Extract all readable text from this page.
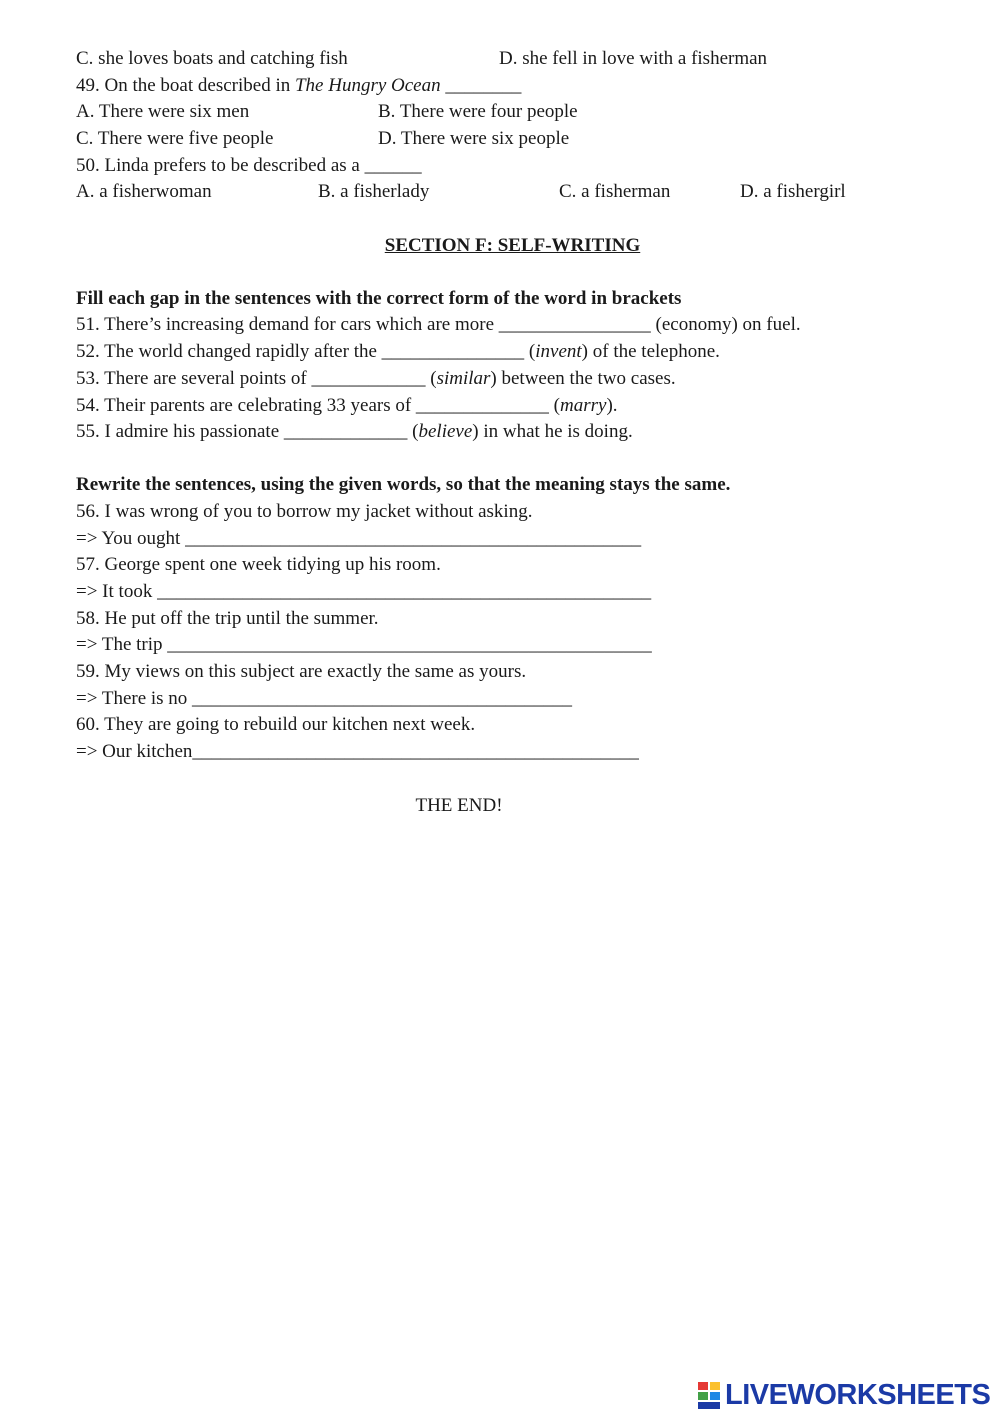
C. she loves boats and catching fish	D. she fell in love with a fisherman
49. On the boat described in The Hungry Ocean ________
A. There were six men	B. There were four people
C. There were five people	D. There were six people
50. Linda prefers to be described as a ______
A. a fisherwoman	B. a fisherlady	C. a fisherman	D. a fishergirl
SECTION F: SELF-WRITING
Fill each gap in the sentences with the correct form of the word in brackets
51. There’s increasing demand for cars which are more ________________ (economy) on fuel.
52. The world changed rapidly after the _______________ (invent) of the telephone.
53. There are several points of ____________ (similar) between the two cases.
54. Their parents are celebrating 33 years of ______________ (marry).
55. I admire his passionate _____________ (believe) in what he is doing.
Rewrite the sentences, using the given words, so that the meaning stays the same.
56. I was wrong of you to borrow my jacket without asking.
=> You ought ________________________________________________
57. George spent one week tidying up his room.
=> It took ____________________________________________________
58. He put off the trip until the summer.
=> The trip ___________________________________________________
59. My views on this subject are exactly the same as yours.
=> There is no ________________________________________
60. They are going to rebuild our kitchen next week.
=> Our kitchen_______________________________________________
THE END!
LIVEWORKSHEETS
